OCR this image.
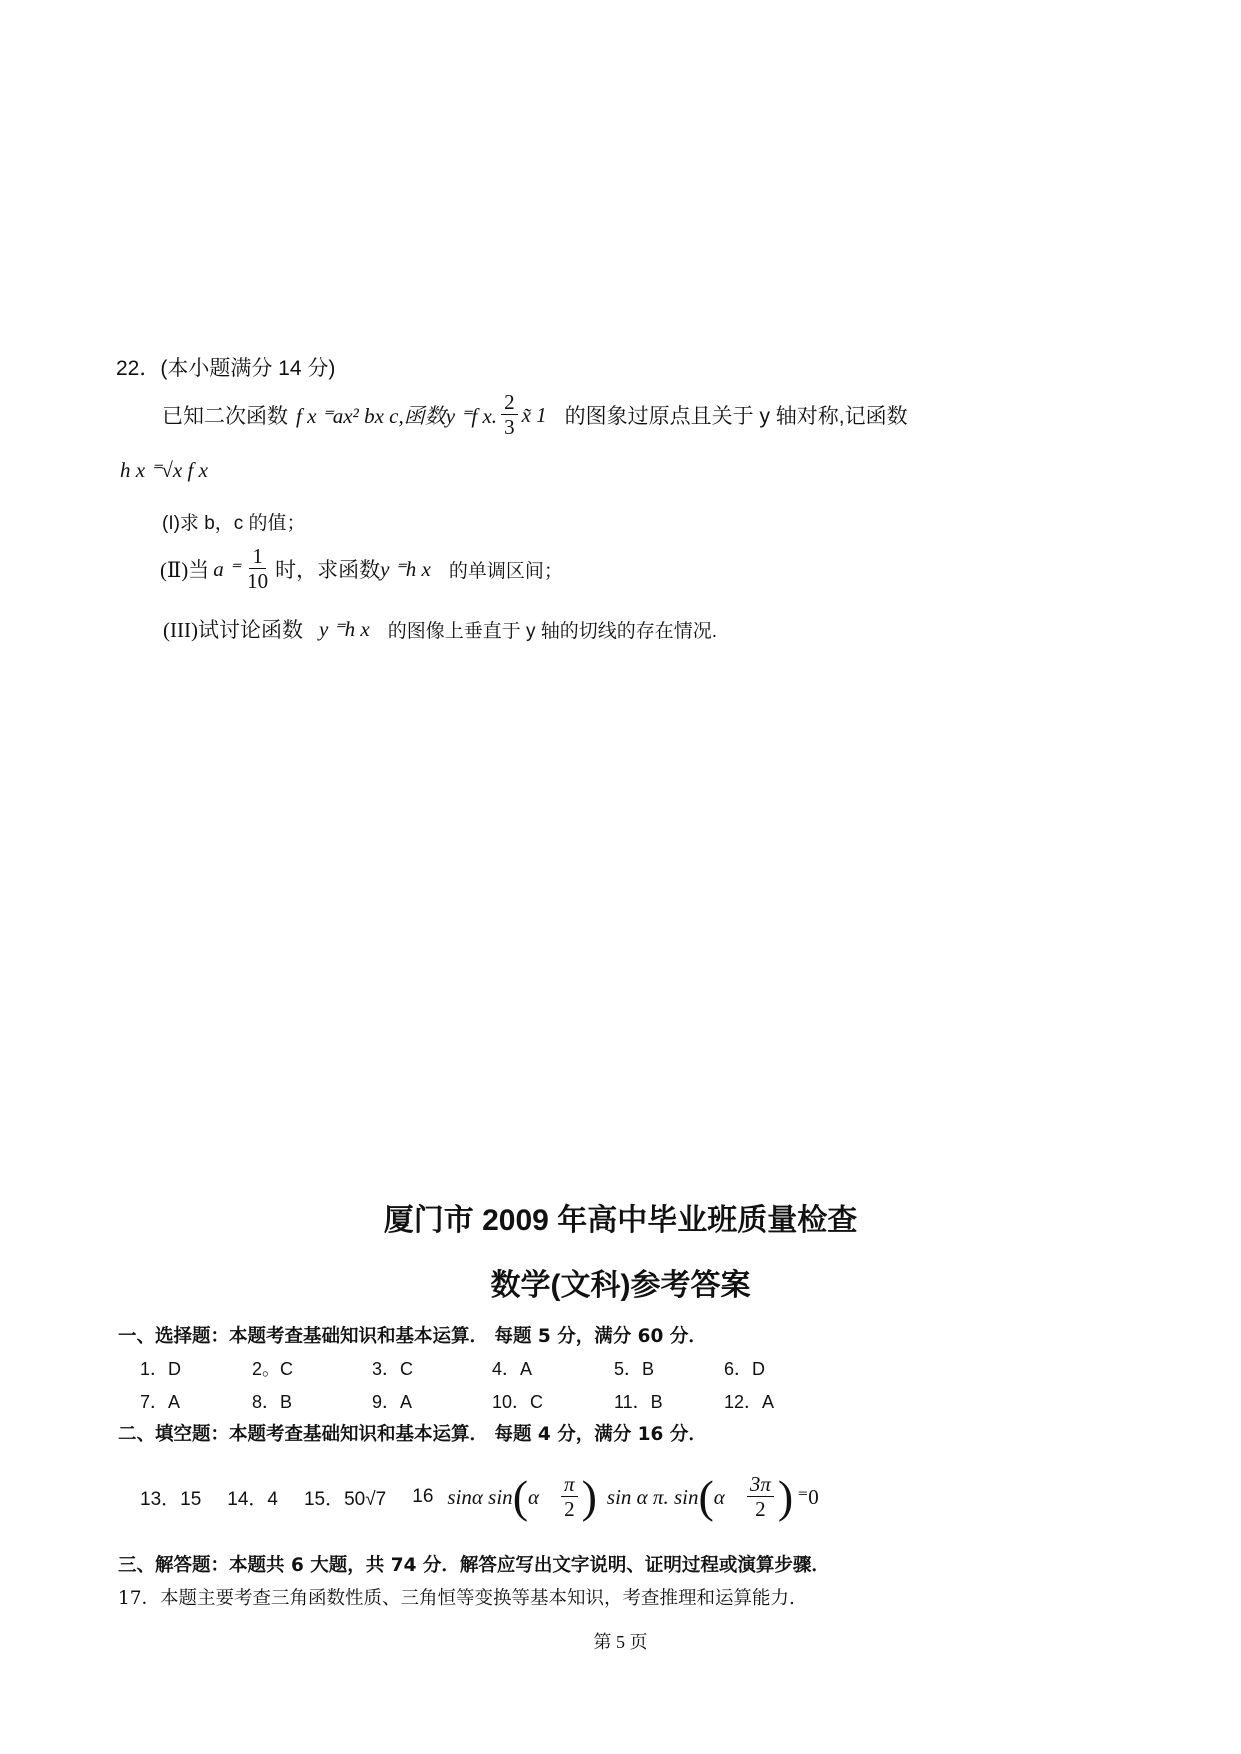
22．(本小题满分 14 分)
已知二次函数 f x ⁼ax² bx c,函数y ⁼f x. $\frac{2}{3}$ x̃ 1 的图象过原点且关于 y 轴对称,记函数
h x ⁼√x f x
(I)求 b，c 的值；
(Ⅱ)当 a ⁼ $\frac{1}{10}$ 时，求函数 y ⁼h x 的单调区间；
(III)试讨论函数 y ⁼h x 的图像上垂直于 y 轴的切线的存在情况.
厦门市 2009 年高中毕业班质量检查
数学(文科)参考答案
一、选择题：本题考查基础知识和基本运算． 每题 5 分，满分 60 分．
1．D	2。C	3．C	4．A	5．B	6．D
7．A	8．B	9．A	10．C	11．B	12．A
二、填空题：本题考查基础知识和基本运算． 每题 4 分，满分 16 分．
13．15 14．4 15．50√7 16 sinα sin ( α $\frac{\pi}{2}$ ) sin α π. sin ( α $\frac{3\pi}{2}$ ) ⁼0
三、解答题：本题共 6 大题，共 74 分．解答应写出文字说明、证明过程或演算步骤．
17．本题主要考查三角函数性质、三角恒等变换等基本知识，考查推理和运算能力.
第 5 页
